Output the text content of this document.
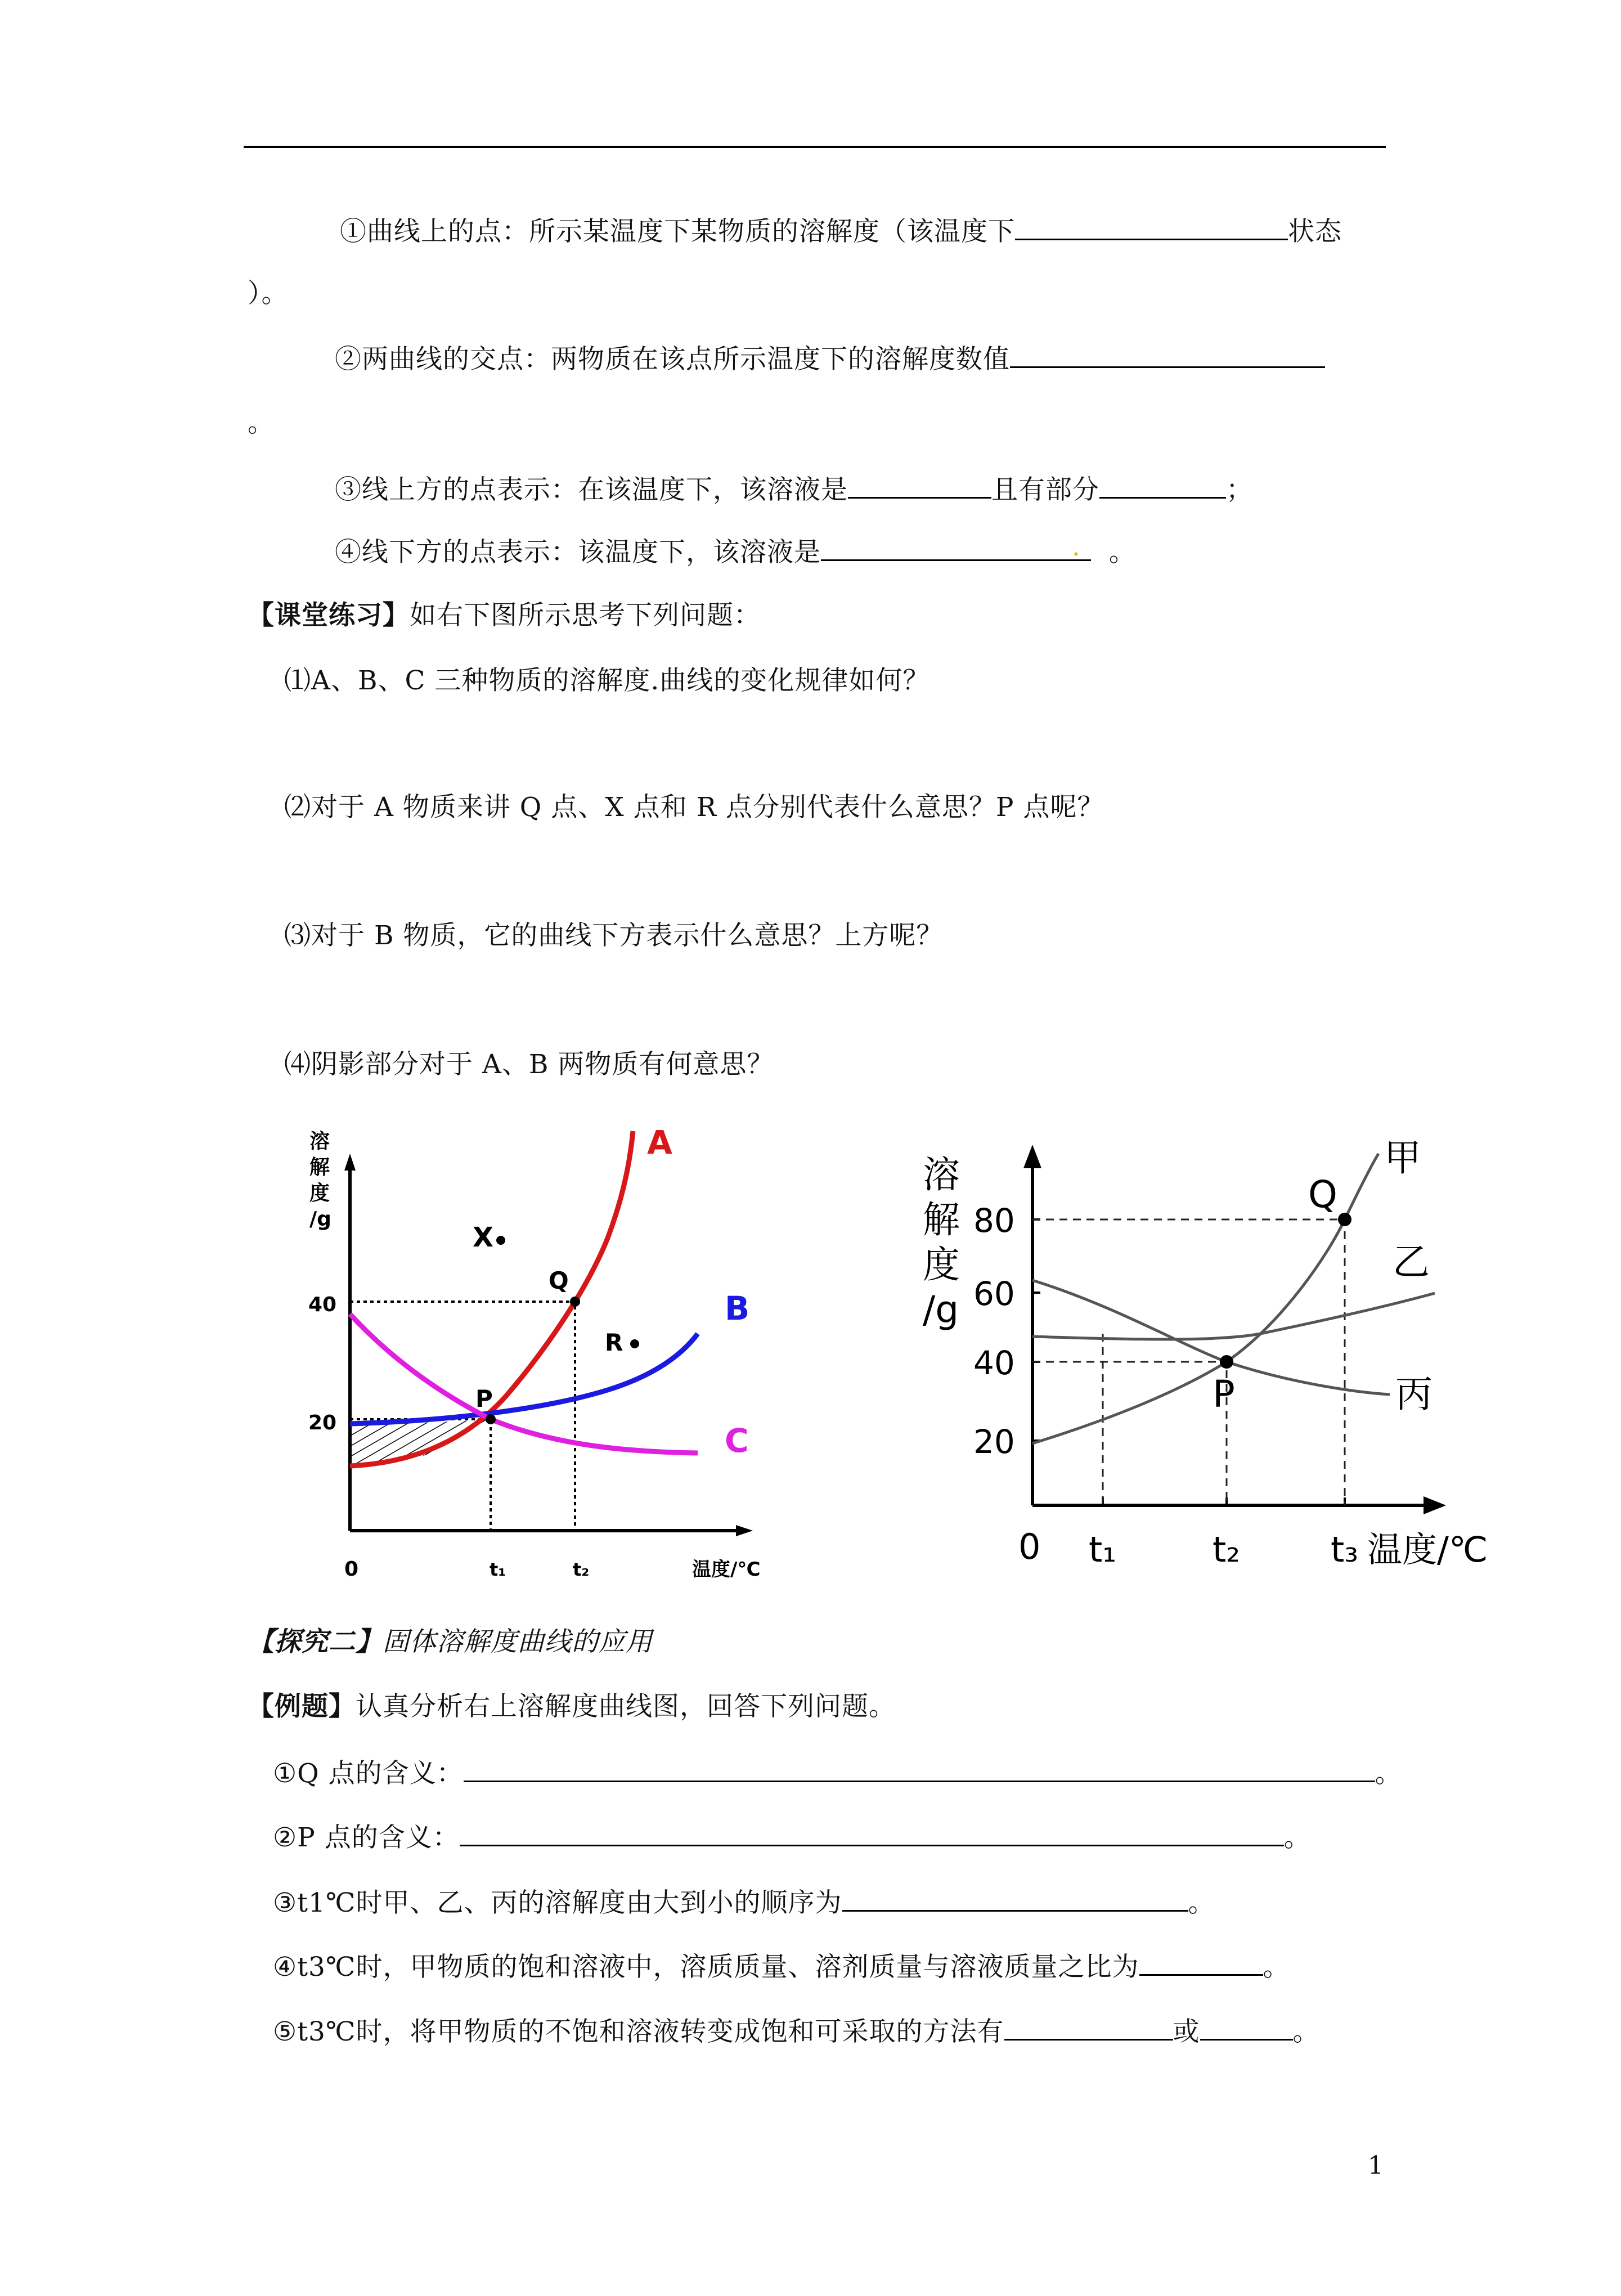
①曲线上的点：所示某温度下某物质的溶解度（该温度下	状态
）。
②两曲线的交点：两物质在该点所示温度下的溶解度数值
。
③线上方的点表示：在该温度下，该溶液是	且有部分	；
④线下方的点表示：该温度下，该溶液是	. 。
【课堂练习】如右下图所示思考下列问题：
⑴A、B、C 三种物质的溶解度.曲线的变化规律如何？
⑵对于 A 物质来讲 Q 点、X 点和 R 点分别代表什么意思？P 点呢？
⑶对于 B 物质，它的曲线下方表示什么意思？上方呢？
⑷阴影部分对于 A、B 两物质有何意思？
溶
解
度
/g
40
20
0	t₁	t₂	温度/℃
A
B
C
X
Q
R
P
溶
解
度
/g
20
40
60
80
0 t₁	t₂	t₃ 温度/℃
甲
乙
丙
Q
P
【探究二】固体溶解度曲线的应用
【例题】认真分析右上溶解度曲线图，回答下列问题。
①Q 点的含义：	。
②P 点的含义：	。
③t1℃时甲、乙、丙的溶解度由大到小的顺序为	。
④t3℃时，甲物质的饱和溶液中，溶质质量、溶剂质量与溶液质量之比为	。
⑤t3℃时，将甲物质的不饱和溶液转变成饱和可采取的方法有	或	。
1
